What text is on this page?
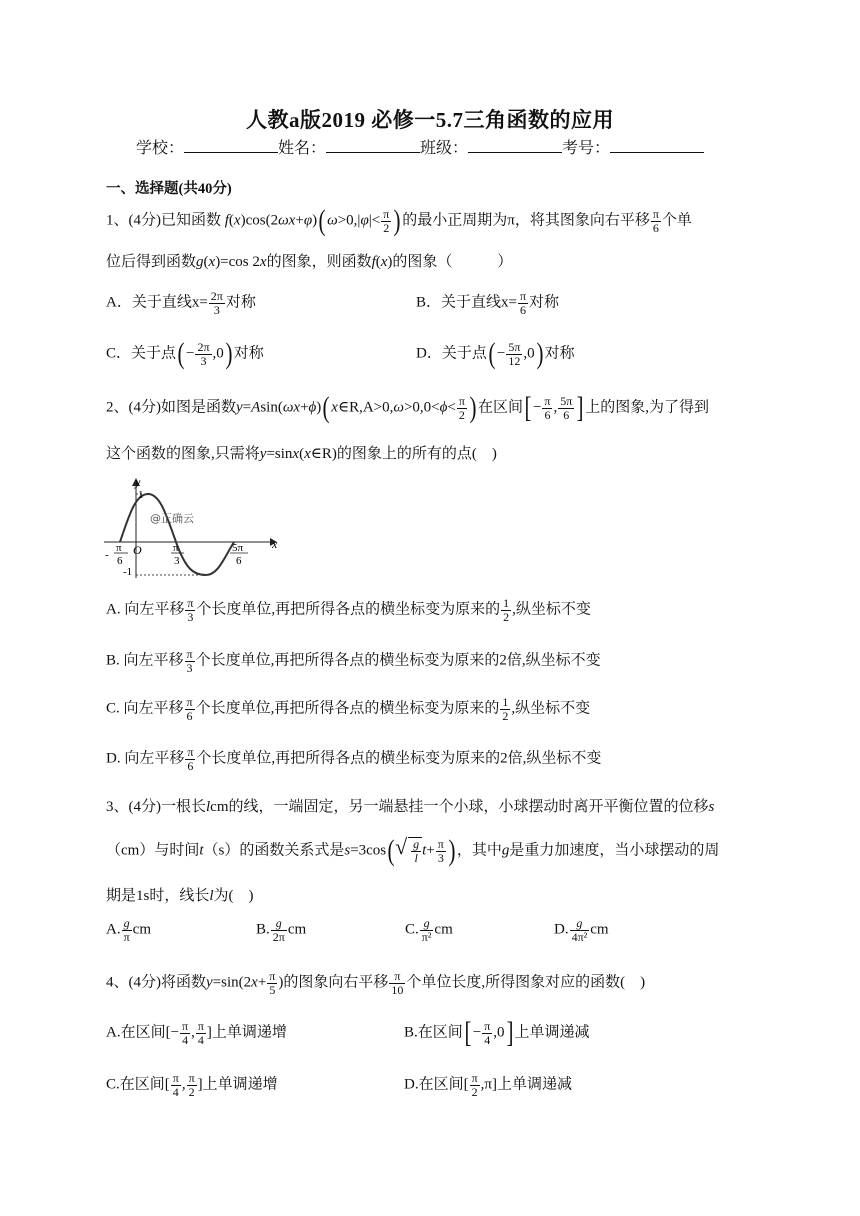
人教a版2019 必修一5.7三角函数的应用
学校：	姓名：	班级：	考号：
一、选择题(共40分)
1、(4分)已知函数 f(x)cos(2ωx+φ)( $\omega>0,|\varphi|< \frac{\pi}{2}$ ) 的最小正周期为π，将其图象向右平移 $\frac{\pi}{6}$ 个单
位后得到函数g(x)=cos 2x的图象，则函数f(x)的图象（　　　）
A．关于直线$x= \frac{2\pi}{3}$ 对称	B．关于直线$x= \frac{\pi}{6}$ 对称
C．关于点( − $\frac{2\pi}{3} ,0$) 对称	D．关于点( − $\frac{5\pi}{12} ,0$) 对称
2、(4分)如图是函数y=Asin(ωx+ϕ)( x∈R,A>0,ω>0,0<ϕ< $\frac{\pi}{2}$ ) 在区间[ − $\frac{\pi}{6}$ , $\frac{5\pi}{6}$ ] 上的图象,为了得到
这个函数的图象,只需将y=sinx(x∈R)的图象上的所有的点(　)
y
1
-1
O	x
-
π
6
π
3
5π
6
@正确云
A. 向左平移 $\frac{\pi}{3}$ 个长度单位,再把所得各点的横坐标变为原来的 $\frac{1}{2}$ ,纵坐标不变
B. 向左平移 $\frac{\pi}{3}$ 个长度单位,再把所得各点的横坐标变为原来的2倍,纵坐标不变
C. 向左平移 $\frac{\pi}{6}$ 个长度单位,再把所得各点的横坐标变为原来的 $\frac{1}{2}$ ,纵坐标不变
D. 向左平移 $\frac{\pi}{6}$ 个长度单位,再把所得各点的横坐标变为原来的2倍,纵坐标不变
3、(4分)一根长lcm的线，一端固定，另一端悬挂一个小球，小球摆动时离开平衡位置的位移s
（cm）与时间t（s）的函数关系式是s=3cos(
√ $\frac{g}{l} t+ \frac{\pi}{3}$ ) ，其中g是重力加速度，当小球摆动的周
期是1s时，线长l为(　)
A. $\frac{g}{\pi}$ cm	B. $\frac{g}{2\pi}$ cm	C. $\frac{g}{\text{π²}}$ cm	D. $\frac{g}{\text{4π²}}$ cm
4、(4分)将函数$y=\sin(2x+ \frac{\pi}{5}$ )的图象向右平移 $\frac{\pi}{10}$ 个单位长度,所得图象对应的函数(　)
A.在区间[− $\frac{\pi}{4}$ , $\frac{\pi}{4}$ ]上单调递增	B.在区间[ − $\frac{\pi}{4} ,0$] 上单调递减
C.在区间[ $\frac{\pi}{4}$ , $\frac{\pi}{2}$ ]上单调递增	D.在区间[ $\frac{\pi}{2} ,\pi$]上单调递减
